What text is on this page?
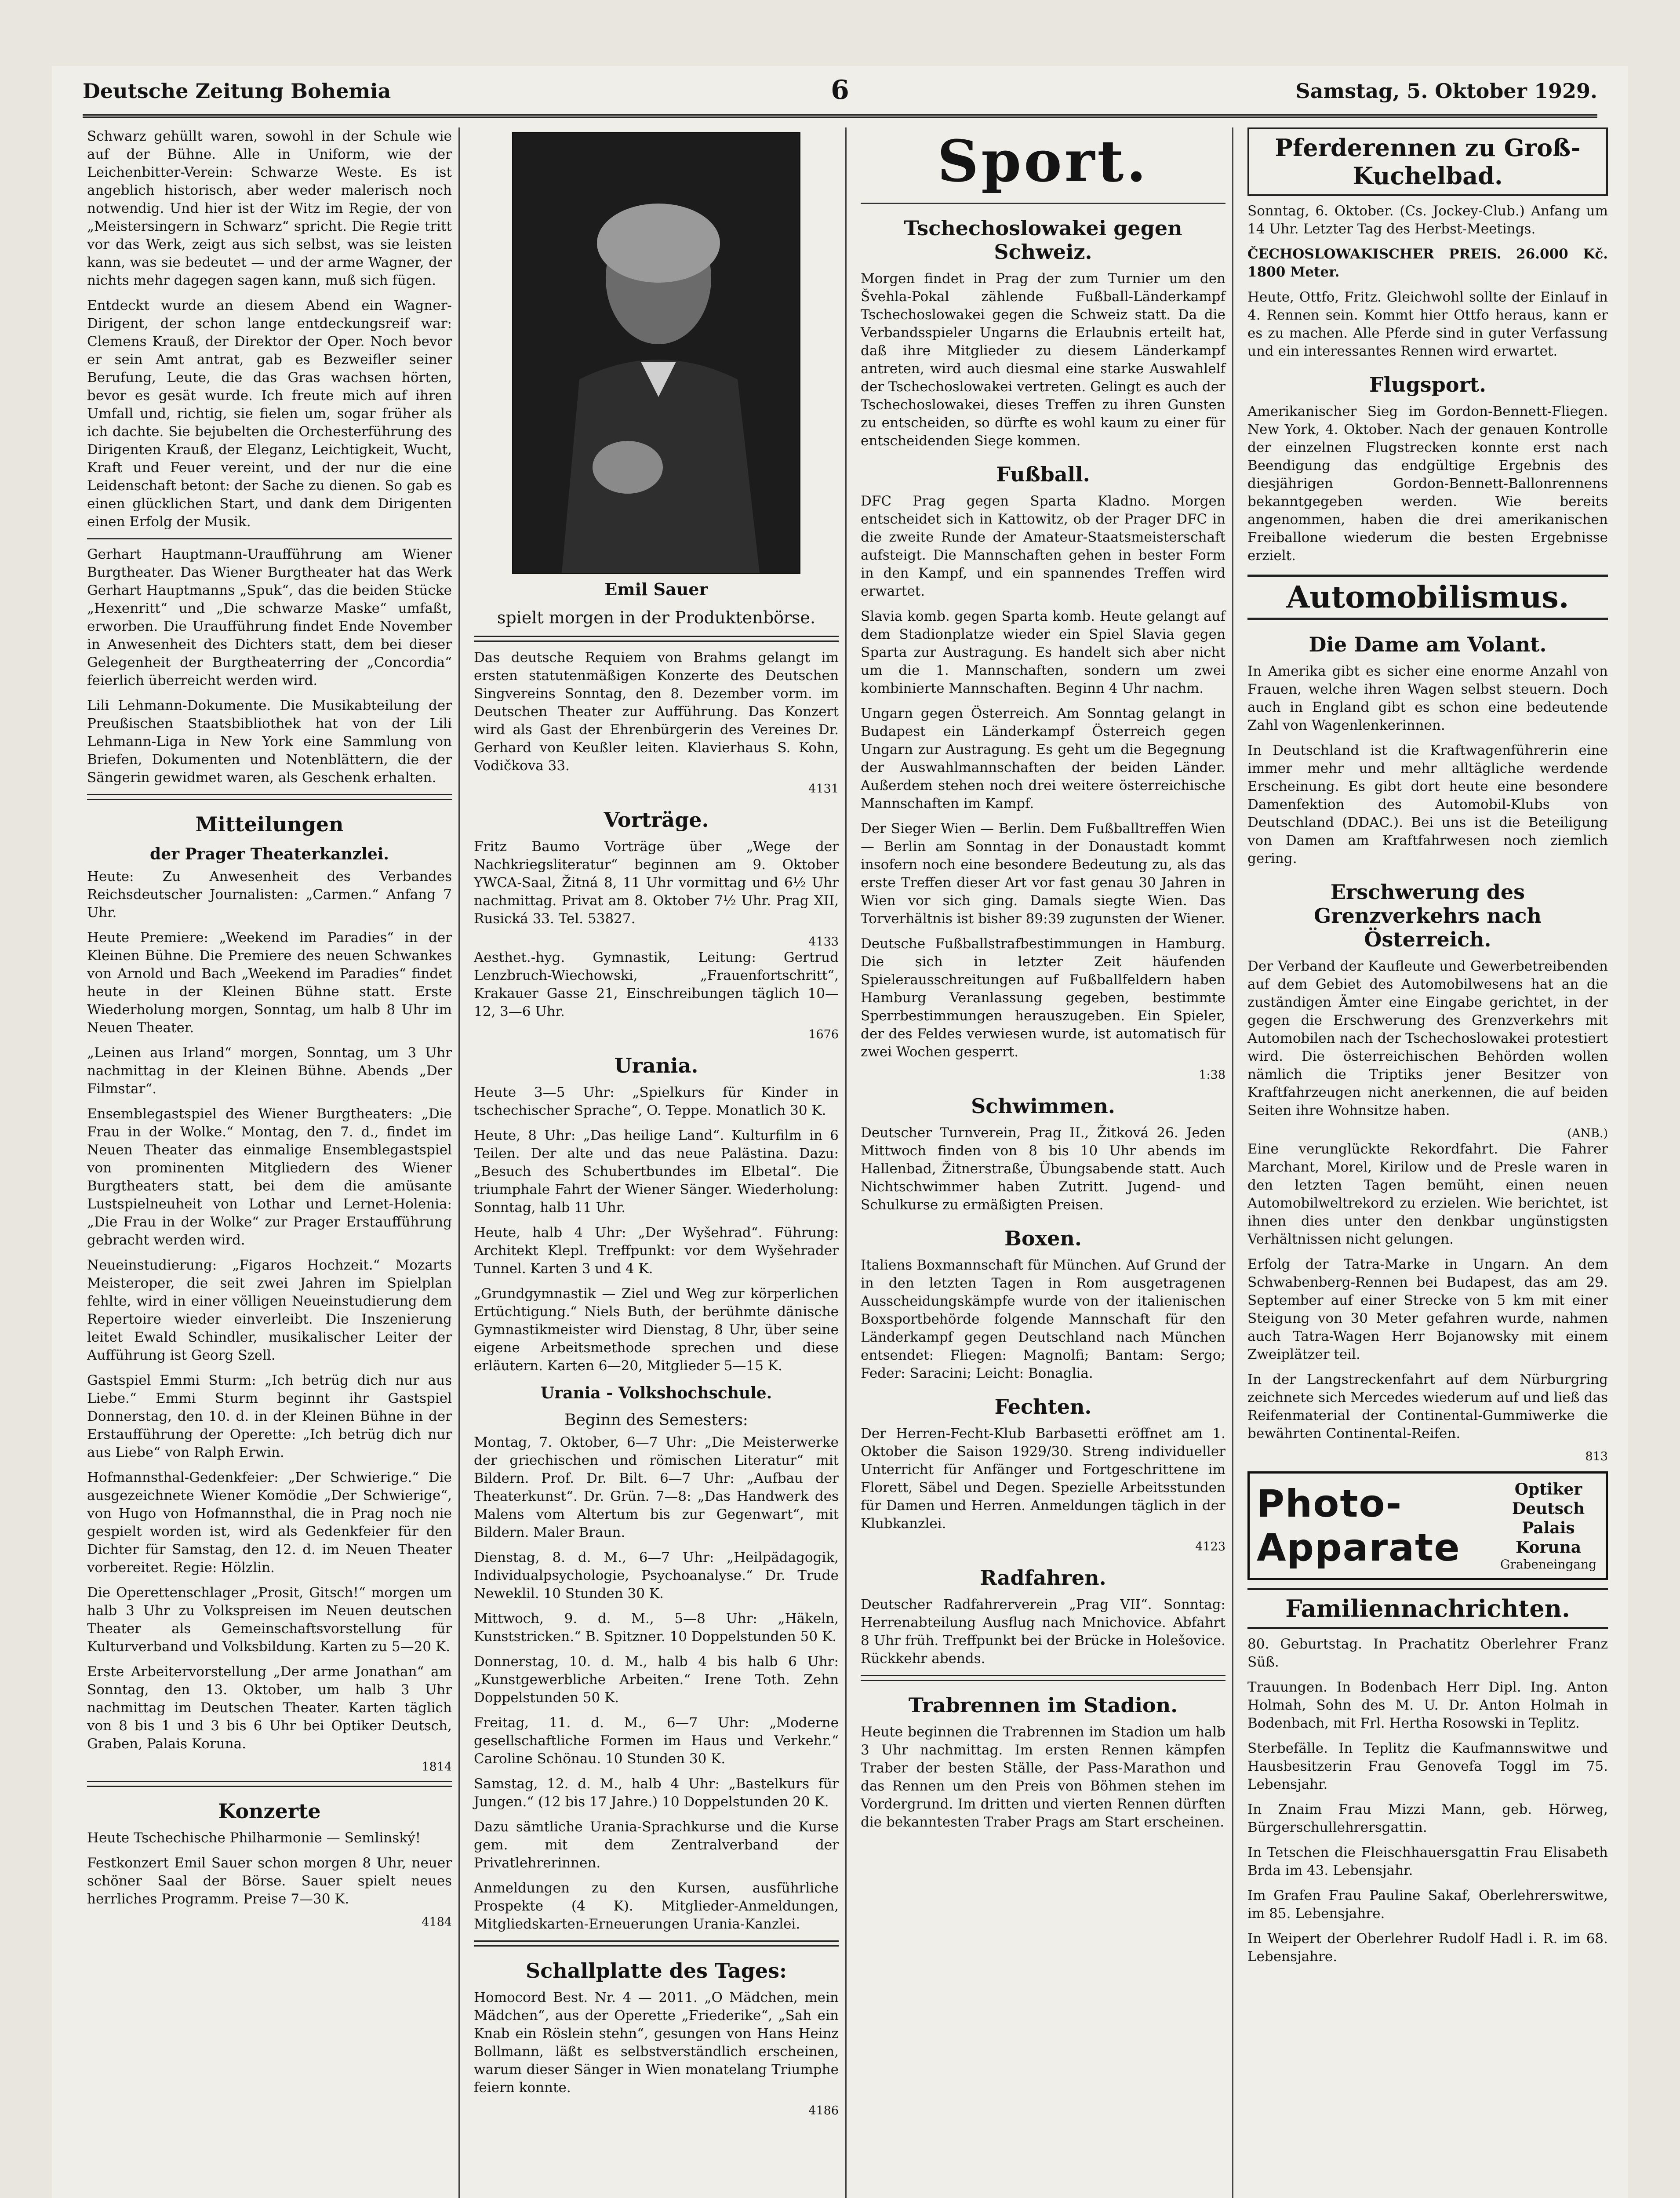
Deutsche Zeitung Bohemia	6	Samstag, 5. Oktober 1929.

Schwarz gehüllt waren, sowohl in der Schule wie auf der Bühne. Alle in Uniform, wie der Leichenbitter-Verein: Schwarze Weste. Es ist angeblich historisch, aber weder malerisch noch notwendig. Und hier ist der Witz im Regie, der von „Meistersingern in Schwarz“ spricht. Die Regie tritt vor das Werk, zeigt aus sich selbst, was sie leisten kann, was sie bedeutet — und der arme Wagner, der nichts mehr dagegen sagen kann, muß sich fügen.

Entdeckt wurde an diesem Abend ein Wagner-Dirigent, der schon lange entdeckungsreif war: Clemens Krauß, der Direktor der Oper. Noch bevor er sein Amt antrat, gab es Bezweifler seiner Berufung, Leute, die das Gras wachsen hörten, bevor es gesät wurde. Ich freute mich auf ihren Umfall und, richtig, sie fielen um, sogar früher als ich dachte. Sie bejubelten die Orchesterführung des Dirigenten Krauß, der Eleganz, Leichtigkeit, Wucht, Kraft und Feuer vereint, und der nur die eine Leidenschaft betont: der Sache zu dienen. So gab es einen glücklichen Start, und dank dem Dirigenten einen Erfolg der Musik.

Gerhart Hauptmann-Uraufführung am Wiener Burgtheater. Das Wiener Burgtheater hat das Werk Gerhart Hauptmanns „Spuk“, das die beiden Stücke „Hexenritt“ und „Die schwarze Maske“ umfaßt, erworben. Die Uraufführung findet Ende November in Anwesenheit des Dichters statt, dem bei dieser Gelegenheit der Burgtheaterring der „Concordia“ feierlich überreicht werden wird.

Lili Lehmann-Dokumente. Die Musikabteilung der Preußischen Staatsbibliothek hat von der Lili Lehmann-Liga in New York eine Sammlung von Briefen, Dokumenten und Notenblättern, die der Sängerin gewidmet waren, als Geschenk erhalten.

Mitteilungen
der Prager Theaterkanzlei.

Heute: Zu Anwesenheit des Verbandes Reichsdeutscher Journalisten: „Carmen.“ Anfang 7 Uhr.

Heute Premiere: „Weekend im Paradies“ in der Kleinen Bühne. Die Premiere des neuen Schwankes von Arnold und Bach „Weekend im Paradies“ findet heute in der Kleinen Bühne statt. Erste Wiederholung morgen, Sonntag, um halb 8 Uhr im Neuen Theater.

„Leinen aus Irland“ morgen, Sonntag, um 3 Uhr nachmittag in der Kleinen Bühne. Abends „Der Filmstar“.

Ensemblegastspiel des Wiener Burgtheaters: „Die Frau in der Wolke.“ Montag, den 7. d., findet im Neuen Theater das einmalige Ensemblegastspiel von prominenten Mitgliedern des Wiener Burgtheaters statt, bei dem die amüsante Lustspielneuheit von Lothar und Lernet-Holenia: „Die Frau in der Wolke“ zur Prager Erstaufführung gebracht werden wird.

Neueinstudierung: „Figaros Hochzeit.“ Mozarts Meisteroper, die seit zwei Jahren im Spielplan fehlte, wird in einer völligen Neueinstudierung dem Repertoire wieder einverleibt. Die Inszenierung leitet Ewald Schindler, musikalischer Leiter der Aufführung ist Georg Szell.

Gastspiel Emmi Sturm: „Ich betrüg dich nur aus Liebe.“ Emmi Sturm beginnt ihr Gastspiel Donnerstag, den 10. d. in der Kleinen Bühne in der Erstaufführung der Operette: „Ich betrüg dich nur aus Liebe“ von Ralph Erwin.

Hofmannsthal-Gedenkfeier: „Der Schwierige.“ Die ausgezeichnete Wiener Komödie „Der Schwierige“, von Hugo von Hofmannsthal, die in Prag noch nie gespielt worden ist, wird als Gedenkfeier für den Dichter für Samstag, den 12. d. im Neuen Theater vorbereitet. Regie: Hölzlin.

Die Operettenschlager „Prosit, Gitsch!“ morgen um halb 3 Uhr zu Volkspreisen im Neuen deutschen Theater als Gemeinschaftsvorstellung für Kulturverband und Volksbildung. Karten zu 5—20 K.

Erste Arbeitervorstellung „Der arme Jonathan“ am Sonntag, den 13. Oktober, um halb 3 Uhr nachmittag im Deutschen Theater. Karten täglich von 8 bis 1 und 3 bis 6 Uhr bei Optiker Deutsch, Graben, Palais Koruna.

1814
Konzerte

Heute Tschechische Philharmonie — Semlinský!

Festkonzert Emil Sauer schon morgen 8 Uhr, neuer schöner Saal der Börse. Sauer spielt neues herrliches Programm. Preise 7—30 K.

4184
Emil Sauer
spielt morgen in der Produktenbörse.

Das deutsche Requiem von Brahms gelangt im ersten statutenmäßigen Konzerte des Deutschen Singvereins Sonntag, den 8. Dezember vorm. im Deutschen Theater zur Aufführung. Das Konzert wird als Gast der Ehrenbürgerin des Vereines Dr. Gerhard von Keußler leiten. Klavierhaus S. Kohn, Vodičkova 33.

4131
Vorträge.

Fritz Baumo Vorträge über „Wege der Nachkriegsliteratur“ beginnen am 9. Oktober YWCA-Saal, Žitná 8, 11 Uhr vormittag und 6½ Uhr nachmittag. Privat am 8. Oktober 7½ Uhr. Prag XII, Rusická 33. Tel. 53827.

4133

Aesthet.-hyg. Gymnastik, Leitung: Gertrud Lenzbruch-Wiechowski, „Frauenfortschritt“, Krakauer Gasse 21, Einschreibungen täglich 10—12, 3—6 Uhr.

1676
Urania.

Heute 3—5 Uhr: „Spielkurs für Kinder in tschechischer Sprache“, O. Teppe. Monatlich 30 K.

Heute, 8 Uhr: „Das heilige Land“. Kulturfilm in 6 Teilen. Der alte und das neue Palästina. Dazu: „Besuch des Schubertbundes im Elbetal“. Die triumphale Fahrt der Wiener Sänger. Wiederholung: Sonntag, halb 11 Uhr.

Heute, halb 4 Uhr: „Der Wyšehrad“. Führung: Architekt Klepl. Treffpunkt: vor dem Wyšehrader Tunnel. Karten 3 und 4 K.

„Grundgymnastik — Ziel und Weg zur körperlichen Ertüchtigung.“ Niels Buth, der berühmte dänische Gymnastikmeister wird Dienstag, 8 Uhr, über seine eigene Arbeitsmethode sprechen und diese erläutern. Karten 6—20, Mitglieder 5—15 K.

Urania - Volkshochschule.
Beginn des Semesters:

Montag, 7. Oktober, 6—7 Uhr: „Die Meisterwerke der griechischen und römischen Literatur“ mit Bildern. Prof. Dr. Bilt. 6—7 Uhr: „Aufbau der Theaterkunst“. Dr. Grün. 7—8: „Das Handwerk des Malens vom Altertum bis zur Gegenwart“, mit Bildern. Maler Braun.

Dienstag, 8. d. M., 6—7 Uhr: „Heilpädagogik, Individualpsychologie, Psychoanalyse.“ Dr. Trude Neweklil. 10 Stunden 30 K.

Mittwoch, 9. d. M., 5—8 Uhr: „Häkeln, Kunststricken.“ B. Spitzner. 10 Doppelstunden 50 K.

Donnerstag, 10. d. M., halb 4 bis halb 6 Uhr: „Kunstgewerbliche Arbeiten.“ Irene Toth. Zehn Doppelstunden 50 K.

Freitag, 11. d. M., 6—7 Uhr: „Moderne gesellschaftliche Formen im Haus und Verkehr.“ Caroline Schönau. 10 Stunden 30 K.

Samstag, 12. d. M., halb 4 Uhr: „Bastelkurs für Jungen.“ (12 bis 17 Jahre.) 10 Doppelstunden 20 K.

Dazu sämtliche Urania-Sprachkurse und die Kurse gem. mit dem Zentralverband der Privatlehrerinnen.

Anmeldungen zu den Kursen, ausführliche Prospekte (4 K). Mitglieder-Anmeldungen, Mitgliedskarten-Erneuerungen Urania-Kanzlei.

Schallplatte des Tages:

Homocord Best. Nr. 4 — 2011. „O Mädchen, mein Mädchen“, aus der Operette „Friederike“, „Sah ein Knab ein Röslein stehn“, gesungen von Hans Heinz Bollmann, läßt es selbstverständlich erscheinen, warum dieser Sänger in Wien monatelang Triumphe feiern konnte.

4186
Sport.
Tschechoslowakei gegen Schweiz.

Morgen findet in Prag der zum Turnier um den Švehla-Pokal zählende Fußball-Länderkampf Tschechoslowakei gegen die Schweiz statt. Da die Verbandsspieler Ungarns die Erlaubnis erteilt hat, daß ihre Mitglieder zu diesem Länderkampf antreten, wird auch diesmal eine starke Auswahlelf der Tschechoslowakei vertreten. Gelingt es auch der Tschechoslowakei, dieses Treffen zu ihren Gunsten zu entscheiden, so dürfte es wohl kaum zu einer für entscheidenden Siege kommen.

Fußball.

DFC Prag gegen Sparta Kladno. Morgen entscheidet sich in Kattowitz, ob der Prager DFC in die zweite Runde der Amateur-Staatsmeisterschaft aufsteigt. Die Mannschaften gehen in bester Form in den Kampf, und ein spannendes Treffen wird erwartet.

Slavia komb. gegen Sparta komb. Heute gelangt auf dem Stadionplatze wieder ein Spiel Slavia gegen Sparta zur Austragung. Es handelt sich aber nicht um die 1. Mannschaften, sondern um zwei kombinierte Mannschaften. Beginn 4 Uhr nachm.

Ungarn gegen Österreich. Am Sonntag gelangt in Budapest ein Länderkampf Österreich gegen Ungarn zur Austragung. Es geht um die Begegnung der Auswahlmannschaften der beiden Länder. Außerdem stehen noch drei weitere österreichische Mannschaften im Kampf.

Der Sieger Wien — Berlin. Dem Fußballtreffen Wien — Berlin am Sonntag in der Donaustadt kommt insofern noch eine besondere Bedeutung zu, als das erste Treffen dieser Art vor fast genau 30 Jahren in Wien vor sich ging. Damals siegte Wien. Das Torverhältnis ist bisher 89:39 zugunsten der Wiener.

Deutsche Fußballstrafbestimmungen in Hamburg. Die sich in letzter Zeit häufenden Spielerausschreitungen auf Fußballfeldern haben Hamburg Veranlassung gegeben, bestimmte Sperrbestimmungen herauszugeben. Ein Spieler, der des Feldes verwiesen wurde, ist automatisch für zwei Wochen gesperrt.

1:38
Schwimmen.

Deutscher Turnverein, Prag II., Žitková 26. Jeden Mittwoch finden von 8 bis 10 Uhr abends im Hallenbad, Žitnerstraße, Übungsabende statt. Auch Nichtschwimmer haben Zutritt. Jugend- und Schulkurse zu ermäßigten Preisen.

Boxen.

Italiens Boxmannschaft für München. Auf Grund der in den letzten Tagen in Rom ausgetragenen Ausscheidungskämpfe wurde von der italienischen Boxsportbehörde folgende Mannschaft für den Länderkampf gegen Deutschland nach München entsendet: Fliegen: Magnolfi; Bantam: Sergo; Feder: Saracini; Leicht: Bonaglia.

Fechten.

Der Herren-Fecht-Klub Barbasetti eröffnet am 1. Oktober die Saison 1929/30. Streng individueller Unterricht für Anfänger und Fortgeschrittene im Florett, Säbel und Degen. Spezielle Arbeitsstunden für Damen und Herren. Anmeldungen täglich in der Klubkanzlei.

4123
Radfahren.

Deutscher Radfahrerverein „Prag VII“. Sonntag: Herrenabteilung Ausflug nach Mnichovice. Abfahrt 8 Uhr früh. Treffpunkt bei der Brücke in Holešovice. Rückkehr abends.

Trabrennen im Stadion.

Heute beginnen die Trabrennen im Stadion um halb 3 Uhr nachmittag. Im ersten Rennen kämpfen Traber der besten Ställe, der Pass-Marathon und das Rennen um den Preis von Böhmen stehen im Vordergrund. Im dritten und vierten Rennen dürften die bekanntesten Traber Prags am Start erscheinen.

Pferderennen zu Groß-Kuchelbad.

Sonntag, 6. Oktober. (Cs. Jockey-Club.) Anfang um 14 Uhr. Letzter Tag des Herbst-Meetings.

ČECHOSLOWAKISCHER PREIS. 26.000 Kč. 1800 Meter.

Heute, Ottfo, Fritz. Gleichwohl sollte der Einlauf in 4. Rennen sein. Kommt hier Ottfo heraus, kann er es zu machen. Alle Pferde sind in guter Verfassung und ein interessantes Rennen wird erwartet.

Flugsport.

Amerikanischer Sieg im Gordon-Bennett-Fliegen. New York, 4. Oktober. Nach der genauen Kontrolle der einzelnen Flugstrecken konnte erst nach Beendigung das endgültige Ergebnis des diesjährigen Gordon-Bennett-Ballonrennens bekanntgegeben werden. Wie bereits angenommen, haben die drei amerikanischen Freiballone wiederum die besten Ergebnisse erzielt.

Automobilismus.
Die Dame am Volant.

In Amerika gibt es sicher eine enorme Anzahl von Frauen, welche ihren Wagen selbst steuern. Doch auch in England gibt es schon eine bedeutende Zahl von Wagenlenkerinnen.

In Deutschland ist die Kraftwagenführerin eine immer mehr und mehr alltägliche werdende Erscheinung. Es gibt dort heute eine besondere Damenfektion des Automobil-Klubs von Deutschland (DDAC.). Bei uns ist die Beteiligung von Damen am Kraftfahrwesen noch ziemlich gering.

Erschwerung des Grenzverkehrs nach Österreich.

Der Verband der Kaufleute und Gewerbetreibenden auf dem Gebiet des Automobilwesens hat an die zuständigen Ämter eine Eingabe gerichtet, in der gegen die Erschwerung des Grenzverkehrs mit Automobilen nach der Tschechoslowakei protestiert wird. Die österreichischen Behörden wollen nämlich die Triptiks jener Besitzer von Kraftfahrzeugen nicht anerkennen, die auf beiden Seiten ihre Wohnsitze haben.

(ANB.)

Eine verunglückte Rekordfahrt. Die Fahrer Marchant, Morel, Kirilow und de Presle waren in den letzten Tagen bemüht, einen neuen Automobilweltrekord zu erzielen. Wie berichtet, ist ihnen dies unter den denkbar ungünstigsten Verhältnissen nicht gelungen.

Erfolg der Tatra-Marke in Ungarn. An dem Schwabenberg-Rennen bei Budapest, das am 29. September auf einer Strecke von 5 km mit einer Steigung von 30 Meter gefahren wurde, nahmen auch Tatra-Wagen Herr Bojanowsky mit einem Zweiplätzer teil.

In der Langstreckenfahrt auf dem Nürburgring zeichnete sich Mercedes wiederum auf und ließ das Reifenmaterial der Continental-Gummiwerke die bewährten Continental-Reifen.

813
Photo-Apparate
Optiker Deutsch
Palais Koruna
Grabeneingang
Familiennachrichten.

80. Geburtstag. In Prachatitz Oberlehrer Franz Süß.

Trauungen. In Bodenbach Herr Dipl. Ing. Anton Holmah, Sohn des M. U. Dr. Anton Holmah in Bodenbach, mit Frl. Hertha Rosowski in Teplitz.

Sterbefälle. In Teplitz die Kaufmannswitwe und Hausbesitzerin Frau Genovefa Toggl im 75. Lebensjahr.

In Znaim Frau Mizzi Mann, geb. Hörweg, Bürgerschullehrersgattin.

In Tetschen die Fleischhauersgattin Frau Elisabeth Brda im 43. Lebensjahr.

Im Grafen Frau Pauline Sakaf, Oberlehrerswitwe, im 85. Lebensjahre.

In Weipert der Oberlehrer Rudolf Hadl i. R. im 68. Lebensjahre.
